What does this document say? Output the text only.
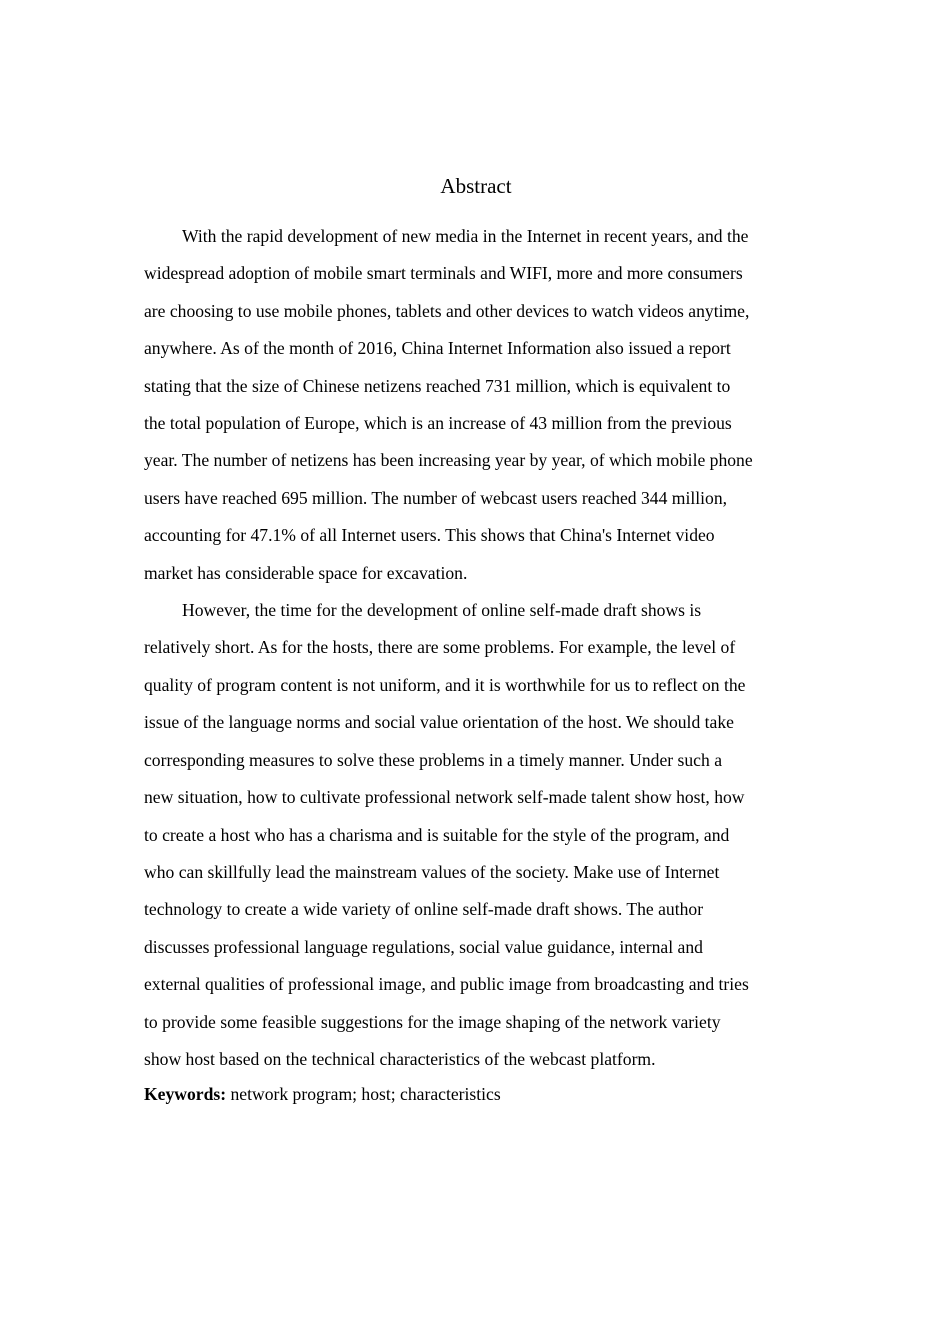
Abstract
With the rapid development of new media in the Internet in recent years, and the
widespread adoption of mobile smart terminals and WIFI, more and more consumers
are choosing to use mobile phones, tablets and other devices to watch videos anytime,
anywhere. As of the month of 2016, China Internet Information also issued a report
stating that the size of Chinese netizens reached 731 million, which is equivalent to
the total population of Europe, which is an increase of 43 million from the previous
year. The number of netizens has been increasing year by year, of which mobile phone
users have reached 695 million. The number of webcast users reached 344 million,
accounting for 47.1% of all Internet users. This shows that China's Internet video
market has considerable space for excavation.
However, the time for the development of online self-made draft shows is
relatively short. As for the hosts, there are some problems. For example, the level of
quality of program content is not uniform, and it is worthwhile for us to reflect on the
issue of the language norms and social value orientation of the host. We should take
corresponding measures to solve these problems in a timely manner. Under such a
new situation, how to cultivate professional network self-made talent show host, how
to create a host who has a charisma and is suitable for the style of the program, and
who can skillfully lead the mainstream values of the society. Make use of Internet
technology to create a wide variety of online self-made draft shows. The author
discusses professional language regulations, social value guidance, internal and
external qualities of professional image, and public image from broadcasting and tries
to provide some feasible suggestions for the image shaping of the network variety
show host based on the technical characteristics of the webcast platform.
Keywords: network program; host; characteristics
